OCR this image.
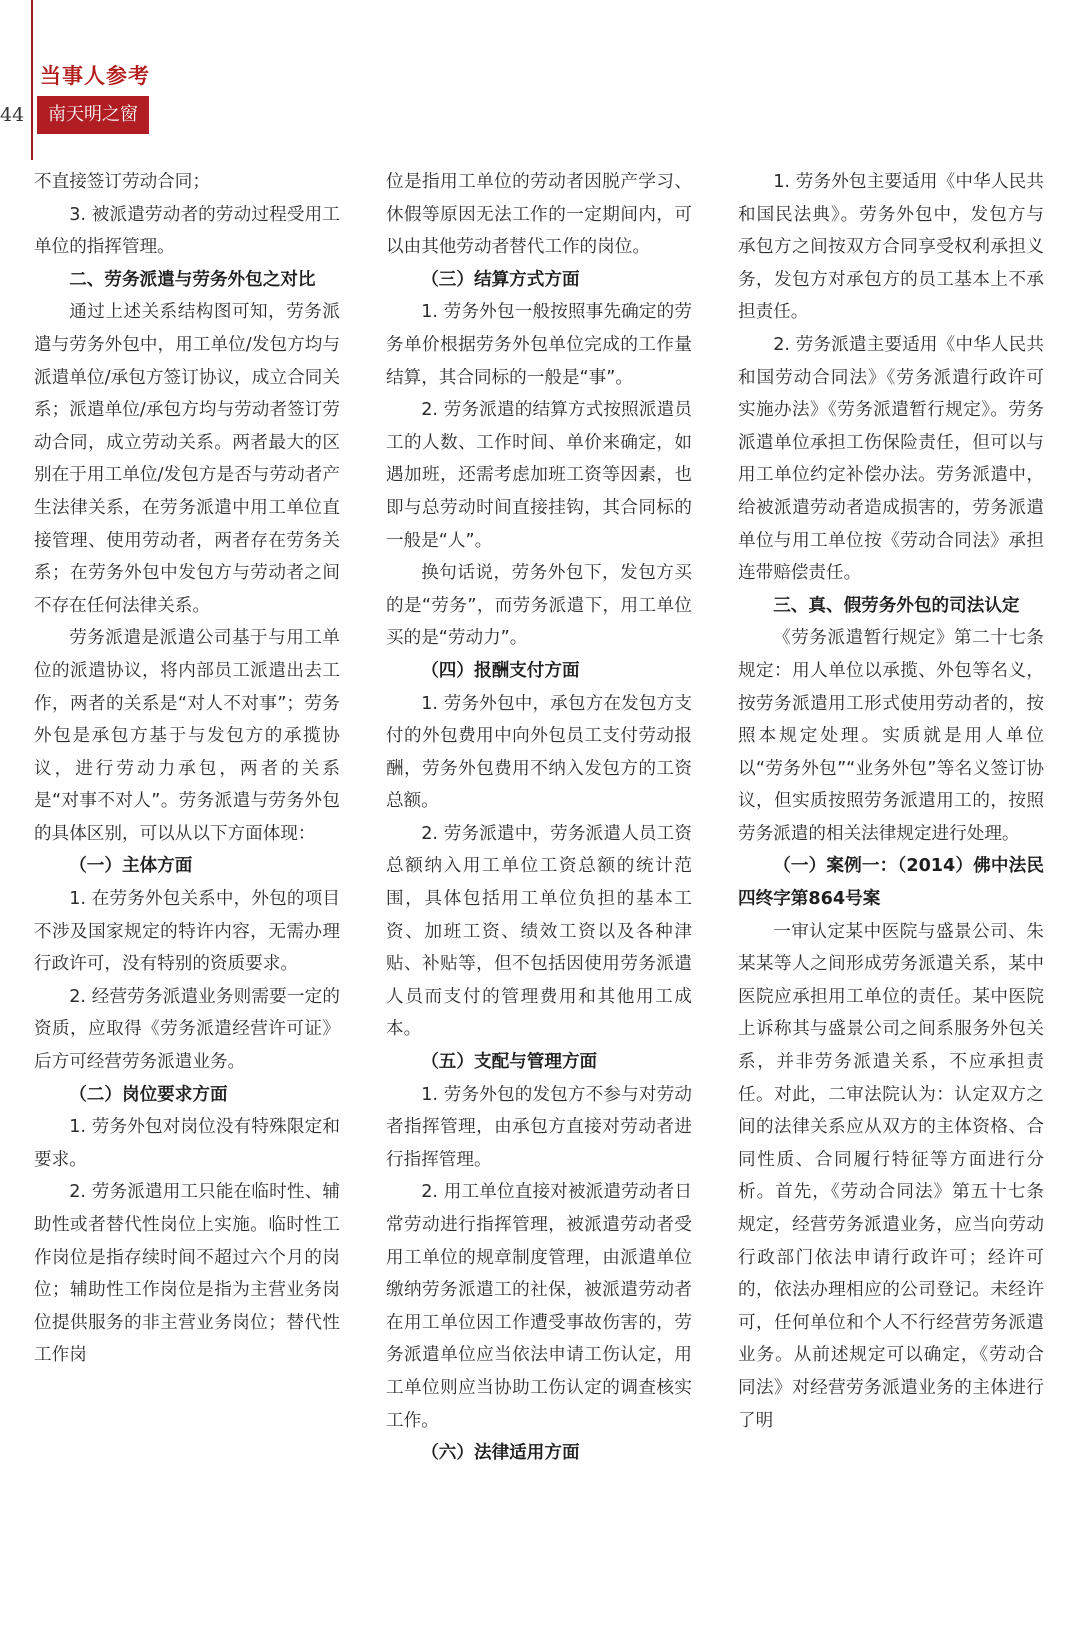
当事人参考
44	南天明之窗

不直接签订劳动合同；

3. 被派遣劳动者的劳动过程受用工单位的指挥管理。

二、劳务派遣与劳务外包之对比

通过上述关系结构图可知，劳务派遣与劳务外包中，用工单位/发包方均与派遣单位/承包方签订协议，成立合同关系；派遣单位/承包方均与劳动者签订劳动合同，成立劳动关系。两者最大的区别在于用工单位/发包方是否与劳动者产生法律关系，在劳务派遣中用工单位直接管理、使用劳动者，两者存在劳务关系；在劳务外包中发包方与劳动者之间不存在任何法律关系。

劳务派遣是派遣公司基于与用工单位的派遣协议，将内部员工派遣出去工作，两者的关系是“对人不对事”；劳务外包是承包方基于与发包方的承揽协议，进行劳动力承包，两者的关系是“对事不对人”。劳务派遣与劳务外包的具体区别，可以从以下方面体现：

（一）主体方面

1. 在劳务外包关系中，外包的项目不涉及国家规定的特许内容，无需办理行政许可，没有特别的资质要求。

2. 经营劳务派遣业务则需要一定的资质，应取得《劳务派遣经营许可证》后方可经营劳务派遣业务。

（二）岗位要求方面

1. 劳务外包对岗位没有特殊限定和要求。

2. 劳务派遣用工只能在临时性、辅助性或者替代性岗位上实施。临时性工作岗位是指存续时间不超过六个月的岗位；辅助性工作岗位是指为主营业务岗位提供服务的非主营业务岗位；替代性工作岗

位是指用工单位的劳动者因脱产学习、休假等原因无法工作的一定期间内，可以由其他劳动者替代工作的岗位。

（三）结算方式方面

1. 劳务外包一般按照事先确定的劳务单价根据劳务外包单位完成的工作量结算，其合同标的一般是“事”。

2. 劳务派遣的结算方式按照派遣员工的人数、工作时间、单价来确定，如遇加班，还需考虑加班工资等因素，也即与总劳动时间直接挂钩，其合同标的一般是“人”。

换句话说，劳务外包下，发包方买的是“劳务”，而劳务派遣下，用工单位买的是“劳动力”。

（四）报酬支付方面

1. 劳务外包中，承包方在发包方支付的外包费用中向外包员工支付劳动报酬，劳务外包费用不纳入发包方的工资总额。

2. 劳务派遣中，劳务派遣人员工资总额纳入用工单位工资总额的统计范围，具体包括用工单位负担的基本工资、加班工资、绩效工资以及各种津贴、补贴等，但不包括因使用劳务派遣人员而支付的管理费用和其他用工成本。

（五）支配与管理方面

1. 劳务外包的发包方不参与对劳动者指挥管理，由承包方直接对劳动者进行指挥管理。

2. 用工单位直接对被派遣劳动者日常劳动进行指挥管理，被派遣劳动者受用工单位的规章制度管理，由派遣单位缴纳劳务派遣工的社保，被派遣劳动者在用工单位因工作遭受事故伤害的，劳务派遣单位应当依法申请工伤认定，用工单位则应当协助工伤认定的调查核实工作。

（六）法律适用方面

1. 劳务外包主要适用《中华人民共和国民法典》。劳务外包中，发包方与承包方之间按双方合同享受权利承担义务，发包方对承包方的员工基本上不承担责任。

2. 劳务派遣主要适用《中华人民共和国劳动合同法》《劳务派遣行政许可实施办法》《劳务派遣暂行规定》。劳务派遣单位承担工伤保险责任，但可以与用工单位约定补偿办法。劳务派遣中，给被派遣劳动者造成损害的，劳务派遣单位与用工单位按《劳动合同法》承担连带赔偿责任。

三、真、假劳务外包的司法认定

《劳务派遣暂行规定》第二十七条规定：用人单位以承揽、外包等名义，按劳务派遣用工形式使用劳动者的，按照本规定处理。实质就是用人单位以“劳务外包”“业务外包”等名义签订协议，但实质按照劳务派遣用工的，按照劳务派遣的相关法律规定进行处理。

（一）案例一：（2014）佛中法民四终字第864号案

一审认定某中医院与盛景公司、朱某某等人之间形成劳务派遣关系，某中医院应承担用工单位的责任。某中医院上诉称其与盛景公司之间系服务外包关系，并非劳务派遣关系，不应承担责任。对此，二审法院认为：认定双方之间的法律关系应从双方的主体资格、合同性质、合同履行特征等方面进行分析。首先，《劳动合同法》第五十七条规定，经营劳务派遣业务，应当向劳动行政部门依法申请行政许可；经许可的，依法办理相应的公司登记。未经许可，任何单位和个人不行经营劳务派遣业务。从前述规定可以确定，《劳动合同法》对经营劳务派遣业务的主体进行了明
